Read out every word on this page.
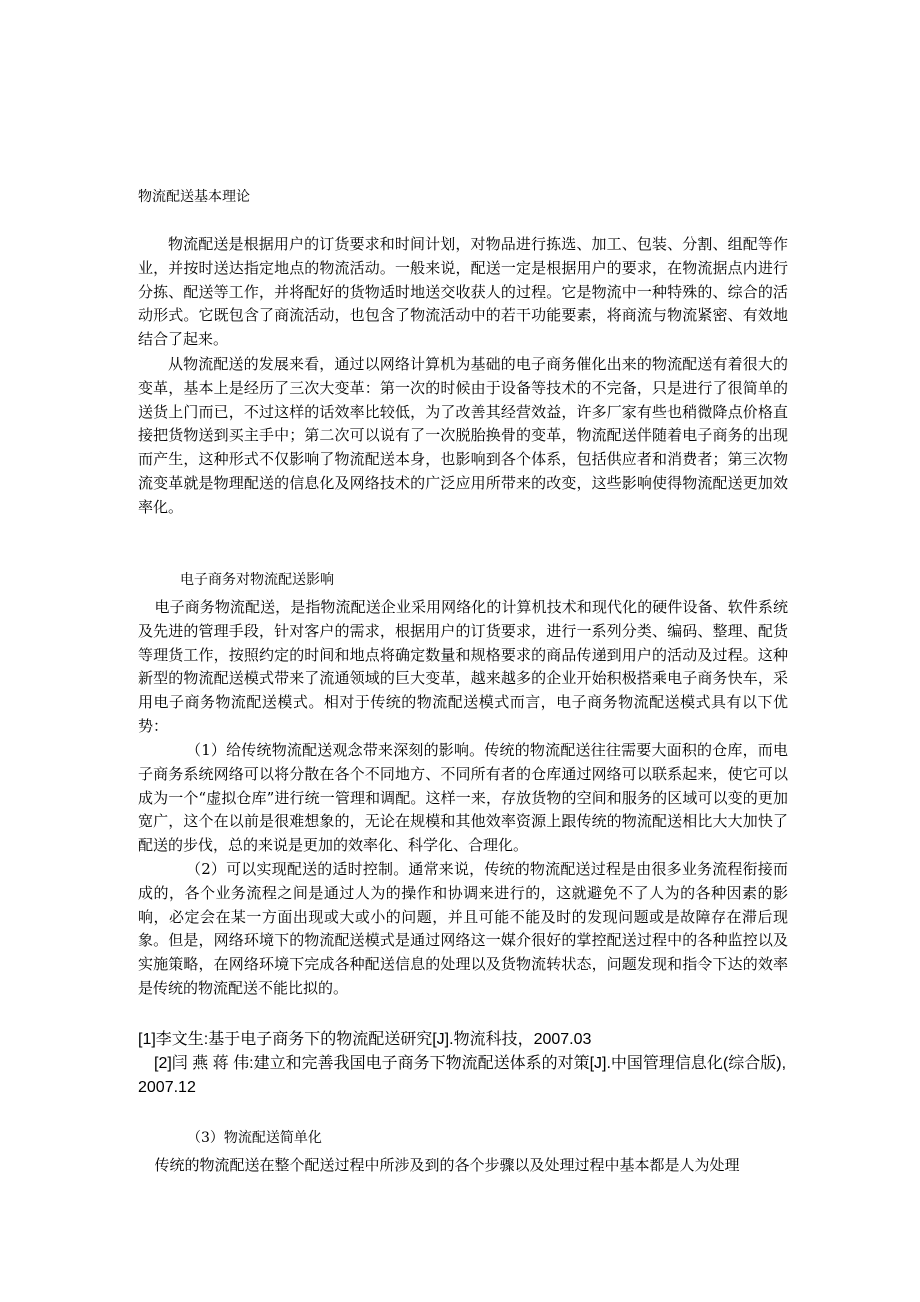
物流配送基本理论

物流配送是根据用户的订货要求和时间计划，对物品进行拣选、加工、包装、分割、组配等作业，并按时送达指定地点的物流活动。一般来说，配送一定是根据用户的要求，在物流据点内进行分拣、配送等工作，并将配好的货物适时地送交收获人的过程。它是物流中一种特殊的、综合的活动形式。它既包含了商流活动，也包含了物流活动中的若干功能要素，将商流与物流紧密、有效地结合了起来。

从物流配送的发展来看，通过以网络计算机为基础的电子商务催化出来的物流配送有着很大的变革，基本上是经历了三次大变革：第一次的时候由于设备等技术的不完备，只是进行了很简单的送货上门而已，不过这样的话效率比较低，为了改善其经营效益，许多厂家有些也稍微降点价格直接把货物送到买主手中；第二次可以说有了一次脱胎换骨的变革，物流配送伴随着电子商务的出现而产生，这种形式不仅影响了物流配送本身，也影响到各个体系，包括供应者和消费者；第三次物流变革就是物理配送的信息化及网络技术的广泛应用所带来的改变，这些影响使得物流配送更加效率化。

电子商务对物流配送影响

电子商务物流配送，是指物流配送企业采用网络化的计算机技术和现代化的硬件设备、软件系统及先进的管理手段，针对客户的需求，根据用户的订货要求，进行一系列分类、编码、整理、配货等理货工作，按照约定的时间和地点将确定数量和规格要求的商品传递到用户的活动及过程。这种新型的物流配送模式带来了流通领域的巨大变革，越来越多的企业开始积极搭乘电子商务快车，采用电子商务物流配送模式。相对于传统的物流配送模式而言，电子商务物流配送模式具有以下优势：

（1）给传统物流配送观念带来深刻的影响。传统的物流配送往往需要大面积的仓库，而电子商务系统网络可以将分散在各个不同地方、不同所有者的仓库通过网络可以联系起来，使它可以成为一个“虚拟仓库”进行统一管理和调配。这样一来，存放货物的空间和服务的区域可以变的更加宽广，这个在以前是很难想象的，无论在规模和其他效率资源上跟传统的物流配送相比大大加快了配送的步伐，总的来说是更加的效率化、科学化、合理化。

（2）可以实现配送的适时控制。通常来说，传统的物流配送过程是由很多业务流程衔接而成的，各个业务流程之间是通过人为的操作和协调来进行的，这就避免不了人为的各种因素的影响，必定会在某一方面出现或大或小的问题，并且可能不能及时的发现问题或是故障存在滞后现象。但是，网络环境下的物流配送模式是通过网络这一媒介很好的掌控配送过程中的各种监控以及实施策略，在网络环境下完成各种配送信息的处理以及货物流转状态，问题发现和指令下达的效率是传统的物流配送不能比拟的。

[1]李文生:基于电子商务下的物流配送研究[J].物流科技，2007.03

[2]闫 燕 蒋 伟:建立和完善我国电子商务下物流配送体系的对策[J].中国管理信息化(综合版),2007.12

（3）物流配送简单化

传统的物流配送在整个配送过程中所涉及到的各个步骤以及处理过程中基本都是人为处理
